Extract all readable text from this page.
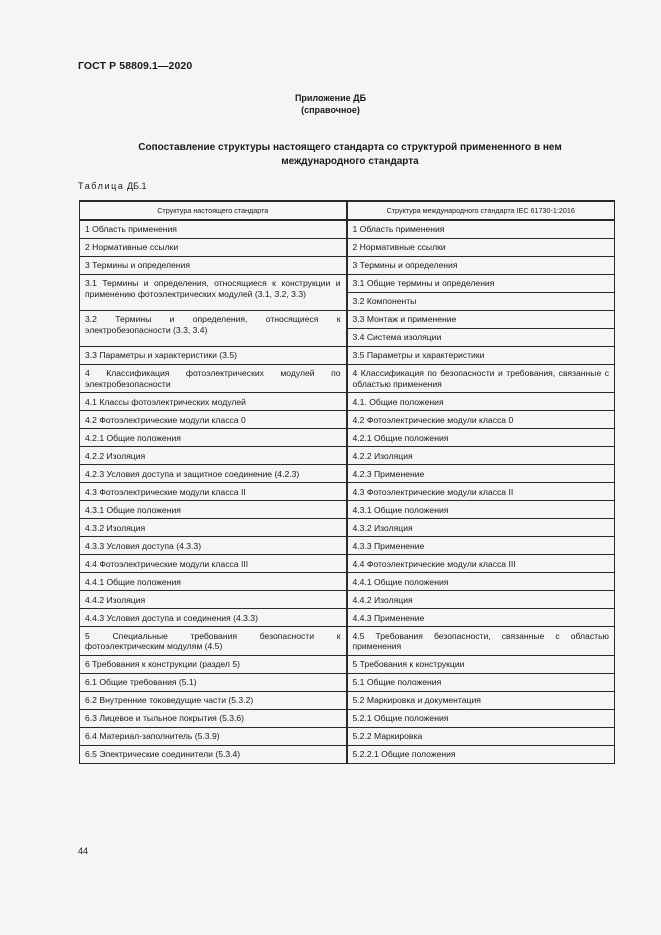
ГОСТ Р 58809.1—2020
Приложение ДБ
(справочное)
Сопоставление структуры настоящего стандарта со структурой примененного в нем
международного стандарта
Таблица ДБ.1
Структура настоящего стандарта	Структура международного стандарта IEC 61730-1:2016
1 Область применения	1 Область применения
2 Нормативные ссылки	2 Нормативные ссылки
3 Термины и определения	3 Термины и определения
3.1 Термины и определения, относящиеся к конструкции и применению фотоэлектрических модулей (3.1, 3.2, 3.3)	3.1 Общие термины и определения
	3.2 Компоненты
3.2 Термины и определения, относящиеся к электробезопасности (3.3, 3.4)	3.3 Монтаж и применение
	3.4 Система изоляции
3.3 Параметры и характеристики (3.5)	3.5 Параметры и характеристики
4 Классификация фотоэлектрических модулей по электробезопасности	4 Классификация по безопасности и требования, связанные с областью применения
4.1 Классы фотоэлектрических модулей	4.1. Общие положения
4.2 Фотоэлектрические модули класса 0	4.2 Фотоэлектрические модули класса 0
4.2.1 Общие положения	4.2.1 Общие положения
4.2.2 Изоляция	4.2.2 Изоляция
4.2.3 Условия доступа и защитное соединение (4.2.3)	4.2.3 Применение
4.3 Фотоэлектрические модули класса II	4.3 Фотоэлектрические модули класса II
4.3.1 Общие положения	4.3.1 Общие положения
4.3.2 Изоляция	4.3.2 Изоляция
4.3.3 Условия доступа (4.3.3)	4.3.3 Применение
4.4 Фотоэлектрические модули класса III	4.4 Фотоэлектрические модули класса III
4.4.1 Общие положения	4.4.1 Общие положения
4.4.2 Изоляция	4.4.2 Изоляция
4.4.3 Условия доступа и соединения (4.3.3)	4.4.3 Применение
5 Специальные требования безопасности к фотоэлектрическим модулям (4.5)	4.5 Требования безопасности, связанные с областью применения
6 Требования к конструкции (раздел 5)	5 Требования к конструкции
6.1 Общие требования (5.1)	5.1 Общие положения
6.2 Внутренние токоведущие части (5.3.2)	5.2 Маркировка и документация
6.3 Лицевое и тыльное покрытия (5.3.6)	5.2.1 Общие положения
6.4 Материал-заполнитель (5.3.9)	5.2.2 Маркировка
6.5 Электрические соединители (5.3.4)	5.2.2.1 Общие положения
44
